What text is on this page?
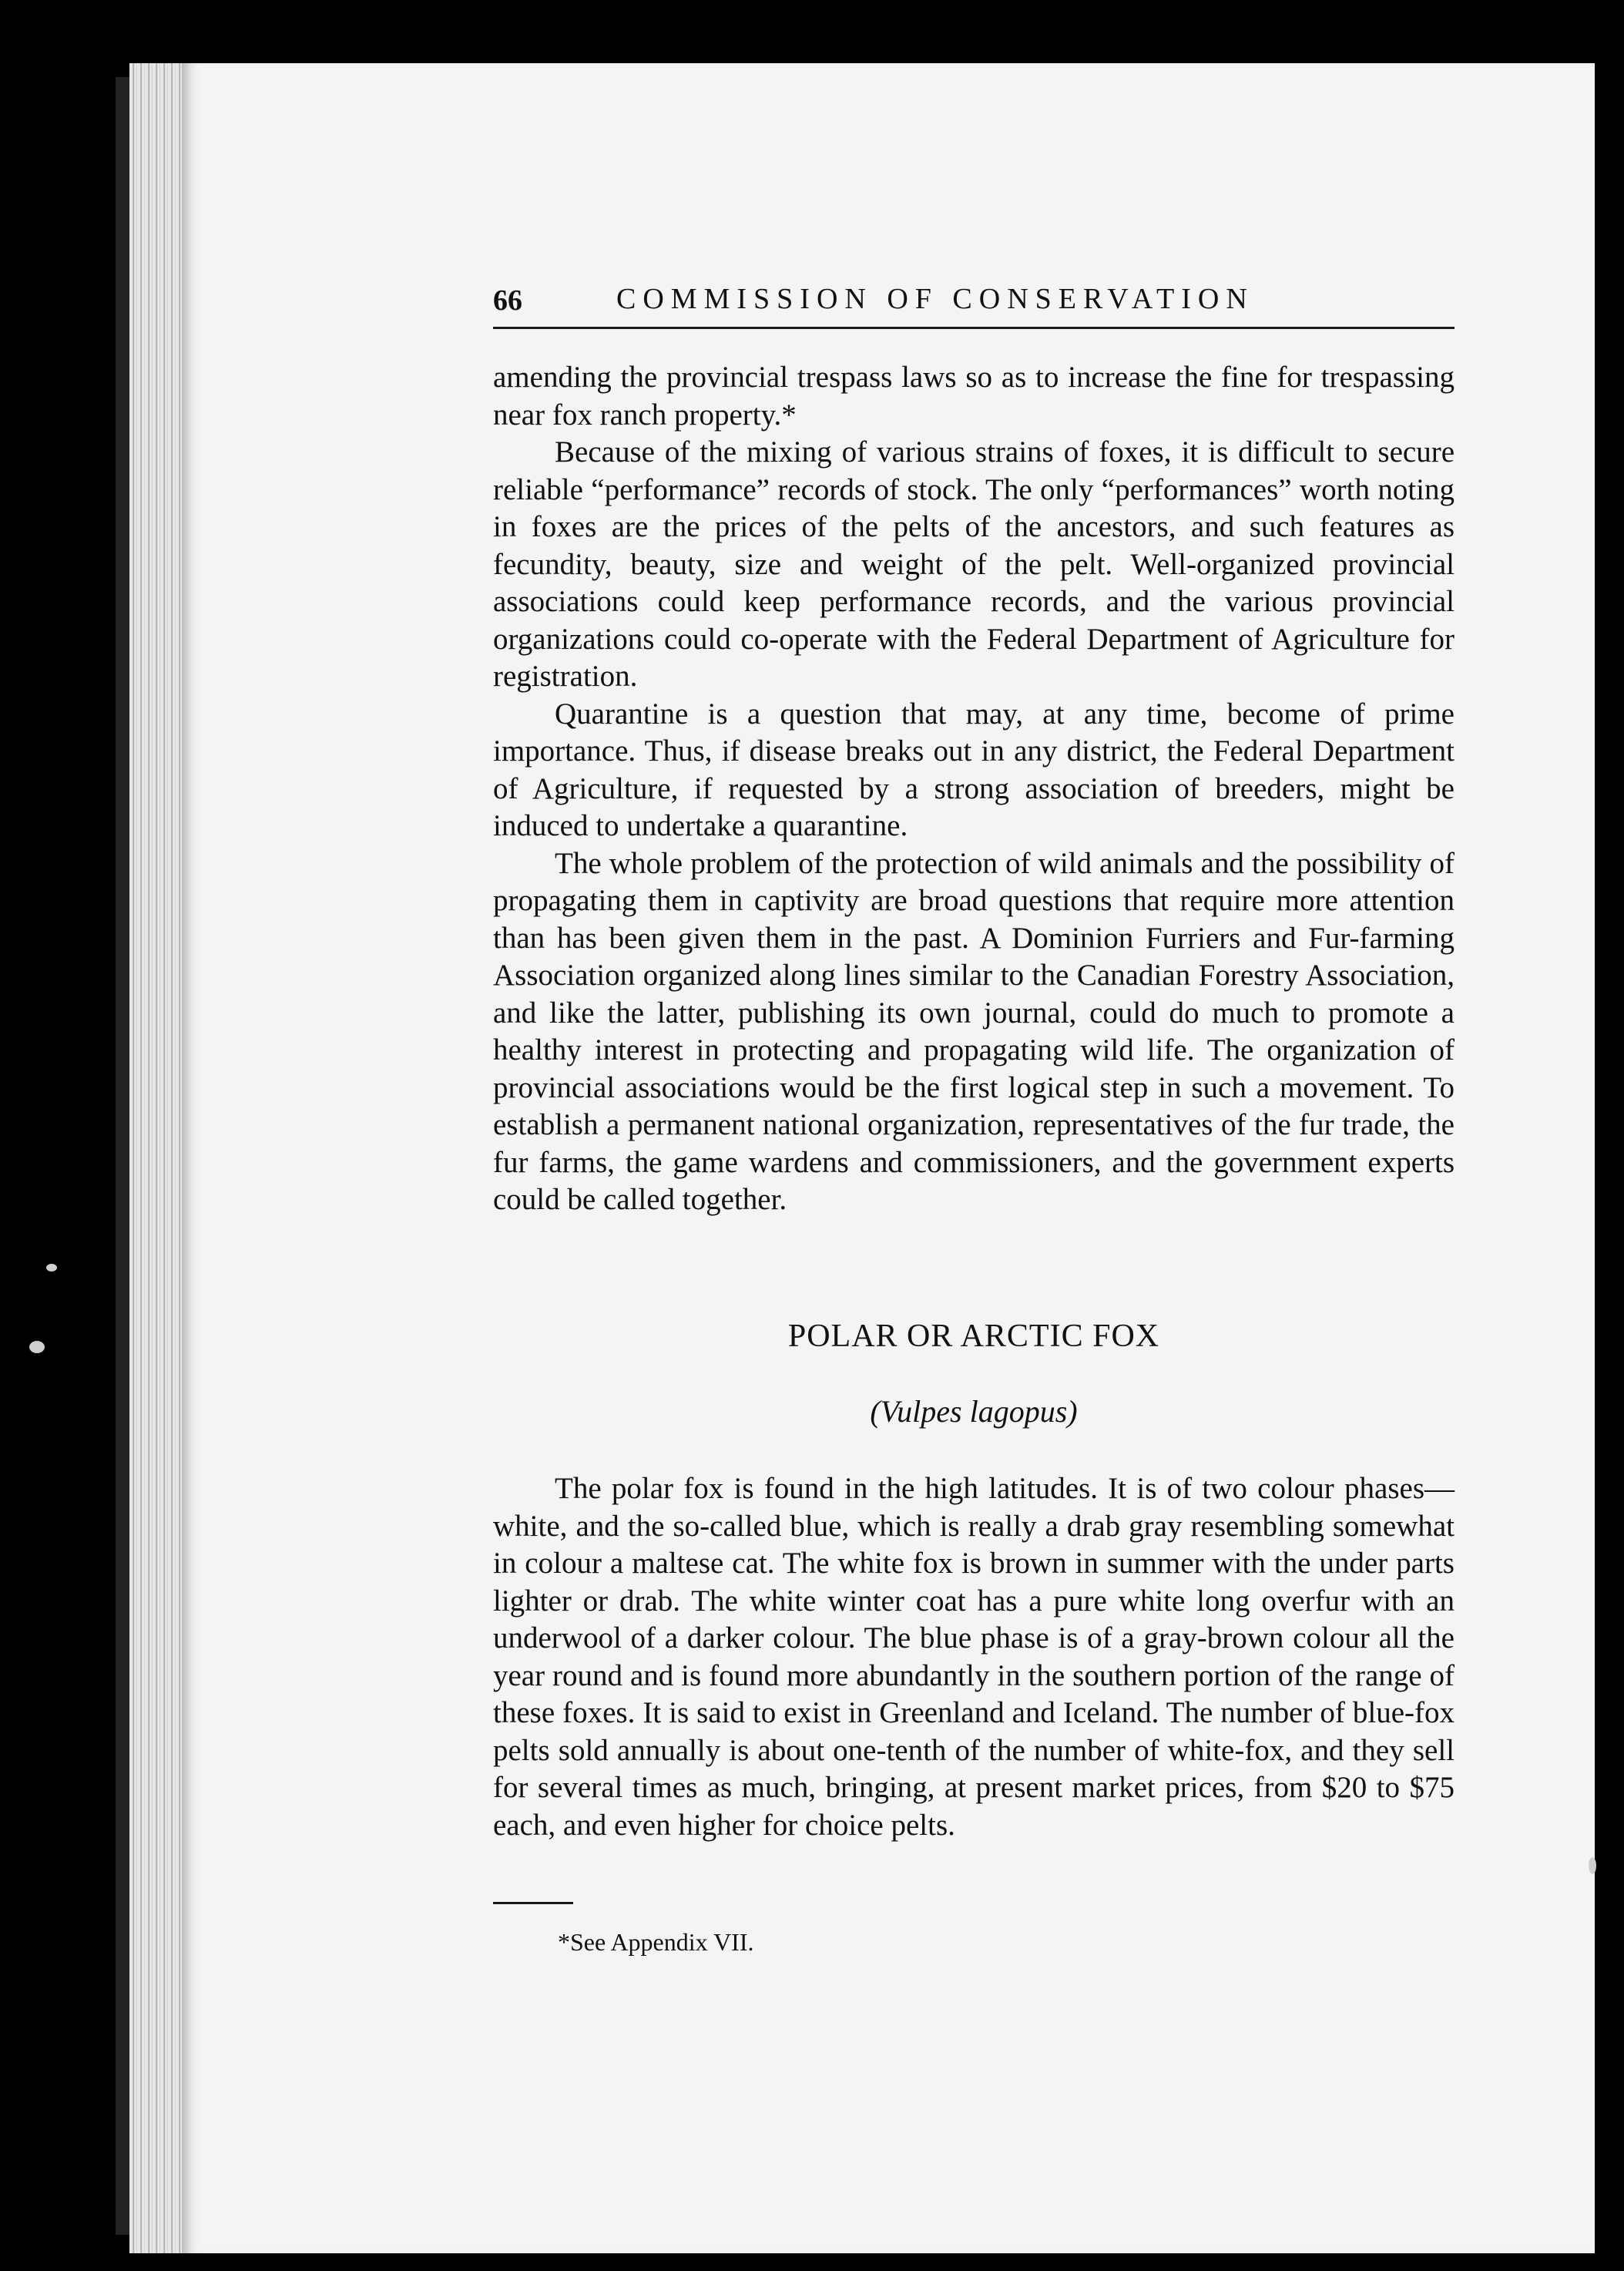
66	COMMISSION OF CONSERVATION

amending the provincial trespass laws so as to increase the fine for trespassing near fox ranch property.*

Because of the mixing of various strains of foxes, it is difficult to secure reliable “performance” records of stock. The only “performances” worth noting in foxes are the prices of the pelts of the ancestors, and such features as fecundity, beauty, size and weight of the pelt. Well-organized provincial associations could keep performance records, and the various provincial organizations could co-operate with the Federal Department of Agriculture for registration.

Quarantine is a question that may, at any time, become of prime importance. Thus, if disease breaks out in any district, the Federal Department of Agriculture, if requested by a strong association of breeders, might be induced to undertake a quarantine.

The whole problem of the protection of wild animals and the possibility of propagating them in captivity are broad questions that require more attention than has been given them in the past. A Dominion Furriers and Fur-farming Association organized along lines similar to the Canadian Forestry Association, and like the latter, publishing its own journal, could do much to promote a healthy interest in protecting and propagating wild life. The organization of provincial associations would be the first logical step in such a movement. To establish a permanent national organization, representatives of the fur trade, the fur farms, the game wardens and commissioners, and the government experts could be called together.

POLAR OR ARCTIC FOX
(Vulpes lagopus)

The polar fox is found in the high latitudes. It is of two colour phases—white, and the so-called blue, which is really a drab gray resembling somewhat in colour a maltese cat. The white fox is brown in summer with the under parts lighter or drab. The white winter coat has a pure white long overfur with an underwool of a darker colour. The blue phase is of a gray-brown colour all the year round and is found more abundantly in the southern portion of the range of these foxes. It is said to exist in Greenland and Iceland. The number of blue-fox pelts sold annually is about one-tenth of the number of white-fox, and they sell for several times as much, bringing, at present market prices, from $20 to $75 each, and even higher for choice pelts.

*See Appendix VII.
